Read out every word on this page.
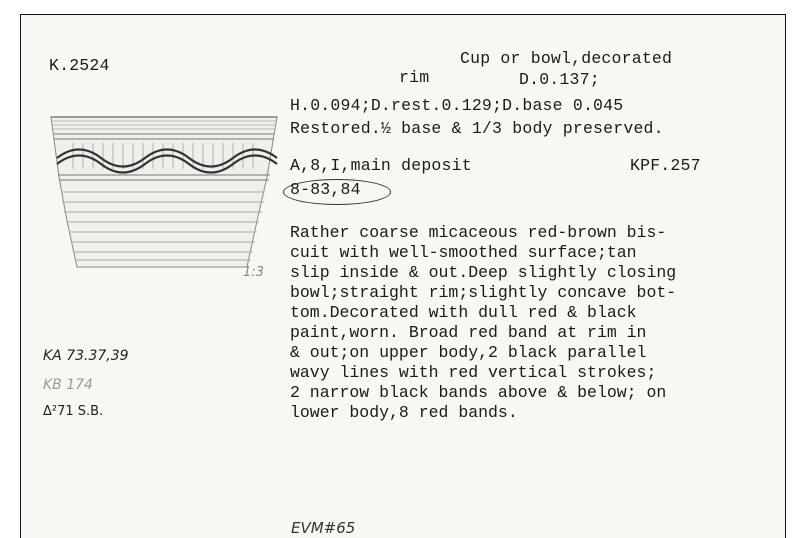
K.2524	Cup or bowl,decorated
rim	D.0.137;
H.0.094;D.rest.0.129;D.base 0.045
Restored.½ base & 1/3 body preserved.
A,8,I,main deposit	KPF.257
8-83,84
1:3
Rather coarse micaceous red-brown bis-
cuit with well-smoothed surface;tan
slip inside & out.Deep slightly closing
bowl;straight rim;slightly concave bot-
tom.Decorated with dull red & black
paint,worn. Broad red band at rim in
& out;on upper body,2 black parallel
wavy lines with red vertical strokes;
2 narrow black bands above & below; on
lower body,8 red bands.
KA 73.37,39
KB 174
Δ²71 S.B.
EVM#65
